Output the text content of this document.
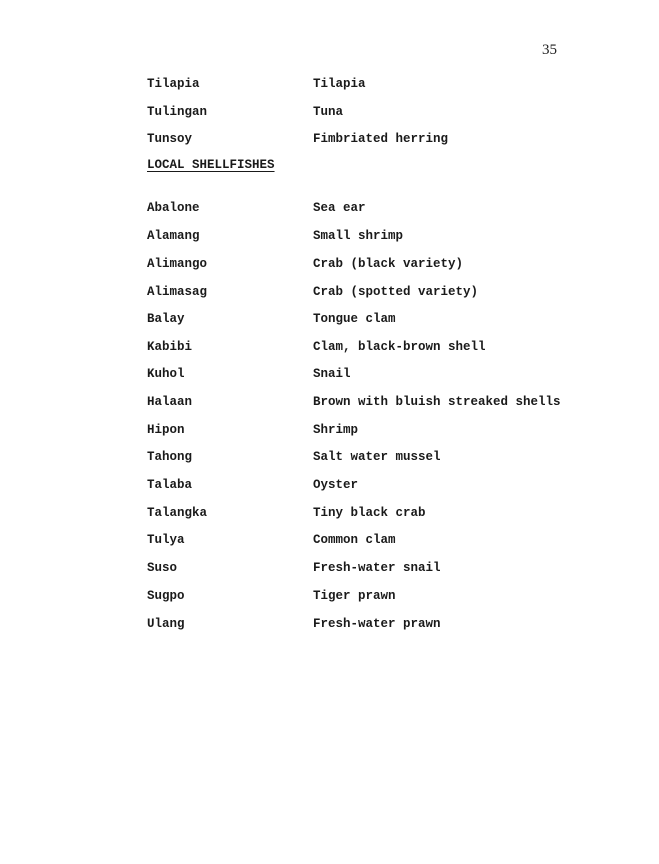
35
Tilapia	Tilapia
Tulingan	Tuna
Tunsoy	Fimbriated herring
LOCAL SHELLFISHES
Abalone	Sea ear
Alamang	Small shrimp
Alimango	Crab (black variety)
Alimasag	Crab (spotted variety)
Balay	Tongue clam
Kabibi	Clam, black-brown shell
Kuhol	Snail
Halaan	Brown with bluish streaked shells
Hipon	Shrimp
Tahong	Salt water mussel
Talaba	Oyster
Talangka	Tiny black crab
Tulya	Common clam
Suso	Fresh-water snail
Sugpo	Tiger prawn
Ulang	Fresh-water prawn
